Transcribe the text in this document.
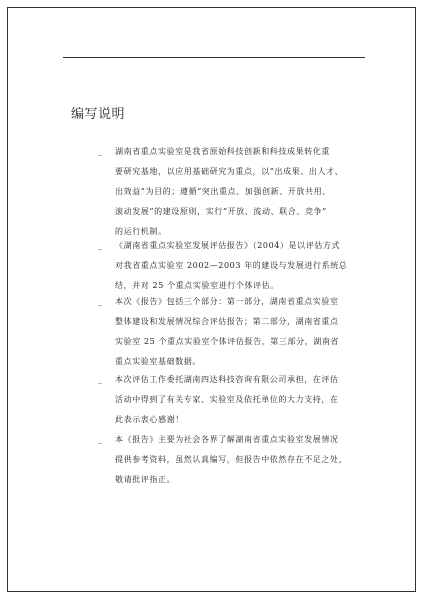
编写说明
_ 湖南省重点实验室是我省原始科技创新和科技成果转化重
要研究基地，以应用基础研究为重点，以“出成果、出人才、
出效益”为目的；遵循“突出重点、加强创新、开放共用、
滚动发展”的建设原则，实行“开放、流动、联合、竞争”
的运行机制。
_ 《湖南省重点实验室发展评估报告》（2004）是以评估方式
对我省重点实验室 2002—2003 年的建设与发展进行系统总
结，并对 25 个重点实验室进行个体评估。
_ 本次《报告》包括三个部分：第一部分，湖南省重点实验室
整体建设和发展情况综合评估报告；第二部分，湖南省重点
实验室 25 个重点实验室个体评估报告，第三部分，湖南省
重点实验室基础数据。
_ 本次评估工作委托湖南四达科技咨询有限公司承担，在评估
活动中得到了有关专家、实验室及依托单位的大力支持，在
此表示衷心感谢！
_ 本《报告》主要为社会各界了解湖南省重点实验室发展情况
提供参考资料，虽然认真编写，但报告中依然存在不足之处，
敬请批评指正。
